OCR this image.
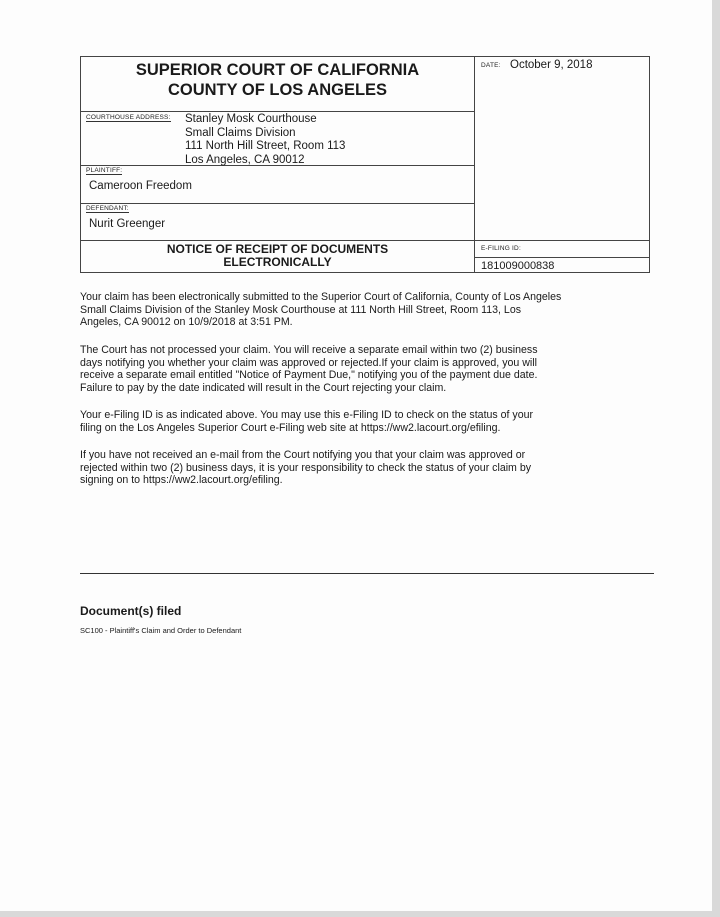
SUPERIOR COURT OF CALIFORNIA
COUNTY OF LOS ANGELES
DATE: October 9, 2018
COURTHOUSE ADDRESS: Stanley Mosk Courthouse
Small Claims Division
111 North Hill Street, Room 113
Los Angeles, CA 90012
PLAINTIFF:
Cameroon Freedom
DEFENDANT:
Nurit Greenger
NOTICE OF RECEIPT OF DOCUMENTS
ELECTRONICALLY
E-FILING ID:
181009000838
Your claim has been electronically submitted to the Superior Court of California, County of Los Angeles
Small Claims Division of the Stanley Mosk Courthouse at 111 North Hill Street, Room 113, Los
Angeles, CA 90012 on 10/9/2018 at 3:51 PM.
The Court has not processed your claim. You will receive a separate email within two (2) business
days notifying you whether your claim was approved or rejected.If your claim is approved, you will
receive a separate email entitled "Notice of Payment Due," notifying you of the payment due date.
Failure to pay by the date indicated will result in the Court rejecting your claim.
Your e-Filing ID is as indicated above. You may use this e-Filing ID to check on the status of your
filing on the Los Angeles Superior Court e-Filing web site at https://ww2.lacourt.org/efiling.
If you have not received an e-mail from the Court notifying you that your claim was approved or
rejected within two (2) business days, it is your responsibility to check the status of your claim by
signing on to https://ww2.lacourt.org/efiling.
Document(s) filed
SC100 - Plaintiff's Claim and Order to Defendant
